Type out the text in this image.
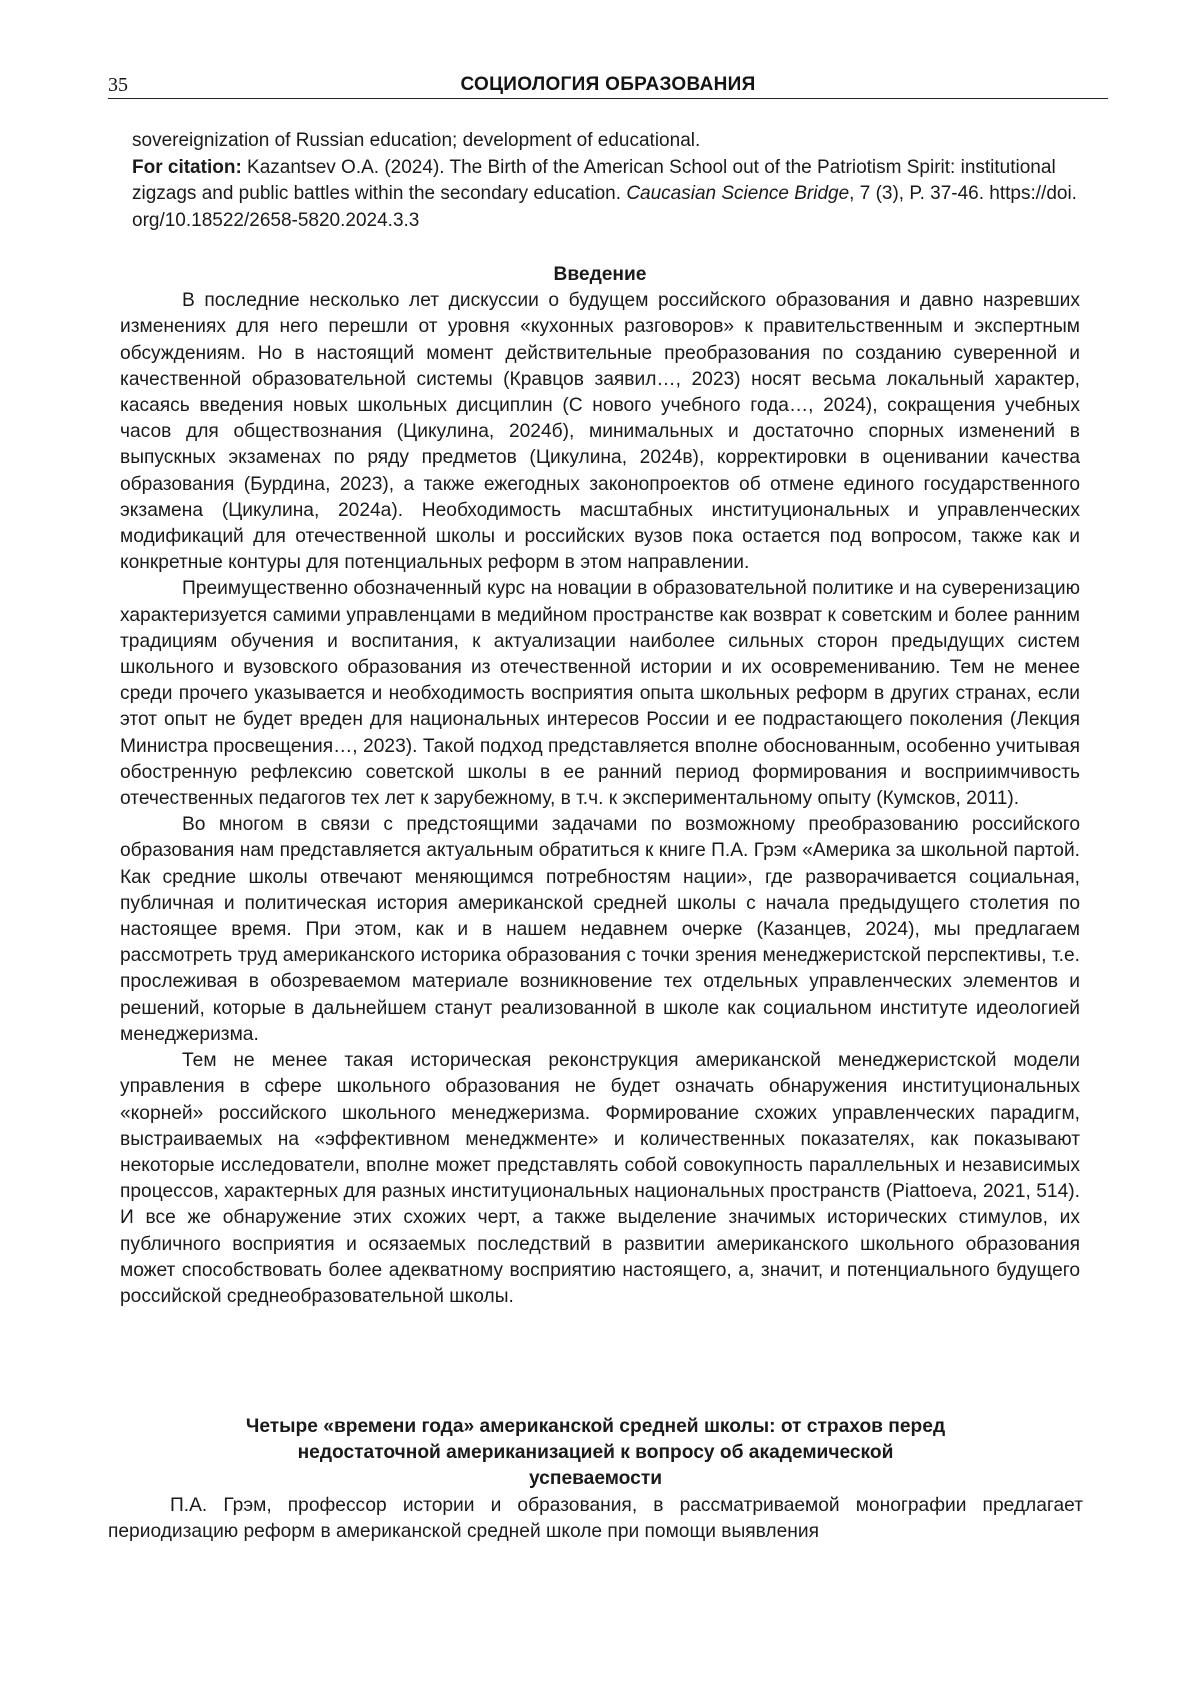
35	СОЦИОЛОГИЯ ОБРАЗОВАНИЯ

sovereignization of Russian education; development of educational.

For citation: Kazantsev O.A. (2024). The Birth of the American School out of the Patriotism Spirit: institutional zigzags and public battles within the secondary education. Caucasian Science Bridge, 7 (3), P. 37-46. https://doi. org/10.18522/2658-5820.2024.3.3

Введение

В последние несколько лет дискуссии о будущем российского образования и давно назревших изменениях для него перешли от уровня «кухонных разговоров» к правительственным и экспертным обсуждениям. Но в настоящий момент действительные преобразования по созданию суверенной и качественной образовательной системы (Кравцов заявил…, 2023) носят весьма локальный характер, касаясь введения новых школьных дисциплин (С нового учебного года…, 2024), сокращения учебных часов для обществознания (Цикулина, 2024б), минимальных и достаточно спорных изменений в выпускных экзаменах по ряду предметов (Цикулина, 2024в), корректировки в оценивании качества образования (Бурдина, 2023), а также ежегодных законопроектов об отмене единого государственного экзамена (Цикулина, 2024а). Необходимость масштабных институциональных и управленческих модификаций для отечественной школы и российских вузов пока остается под вопросом, также как и конкретные контуры для потенциальных реформ в этом направлении.

Преимущественно обозначенный курс на новации в образовательной политике и на суверенизацию характеризуется самими управленцами в медийном пространстве как возврат к советским и более ранним традициям обучения и воспитания, к актуализации наиболее сильных сторон предыдущих систем школьного и вузовского образования из отечественной истории и их осовремениванию. Тем не менее среди прочего указывается и необходимость восприятия опыта школьных реформ в других странах, если этот опыт не будет вреден для национальных интересов России и ее подрастающего поколения (Лекция Министра просвещения…, 2023). Такой подход представляется вполне обоснованным, особенно учитывая обостренную рефлексию советской школы в ее ранний период формирования и восприимчивость отечественных педагогов тех лет к зарубежному, в т.ч. к экспериментальному опыту (Кумсков, 2011).

Во многом в связи с предстоящими задачами по возможному преобразованию российского образования нам представляется актуальным обратиться к книге П.А. Грэм «Америка за школьной партой. Как средние школы отвечают меняющимся потребностям нации», где разворачивается социальная, публичная и политическая история американской средней школы с начала предыдущего столетия по настоящее время. При этом, как и в нашем недавнем очерке (Казанцев, 2024), мы предлагаем рассмотреть труд американского историка образования с точки зрения менеджеристской перспективы, т.е. прослеживая в обозреваемом материале возникновение тех отдельных управленческих элементов и решений, которые в дальнейшем станут реализованной в школе как социальном институте идеологией менеджеризма.

Тем не менее такая историческая реконструкция американской менеджеристской модели управления в сфере школьного образования не будет означать обнаружения институциональных «корней» российского школьного менеджеризма. Формирование схожих управленческих парадигм, выстраиваемых на «эффективном менеджменте» и количественных показателях, как показывают некоторые исследователи, вполне может представлять собой совокупность параллельных и независимых процессов, характерных для разных институциональных национальных пространств (Piattoeva, 2021, 514). И все же обнаружение этих схожих черт, а также выделение значимых исторических стимулов, их публичного восприятия и осязаемых последствий в развитии американского школьного образования может способствовать более адекватному восприятию настоящего, а, значит, и потенциального будущего российской среднеобразовательной школы.

Четыре «времени года» американской средней школы: от страхов перед

недостаточной американизацией к вопросу об академической

успеваемости

П.А. Грэм, профессор истории и образования, в рассматриваемой монографии предлагает периодизацию реформ в американской средней школе при помощи выявления
